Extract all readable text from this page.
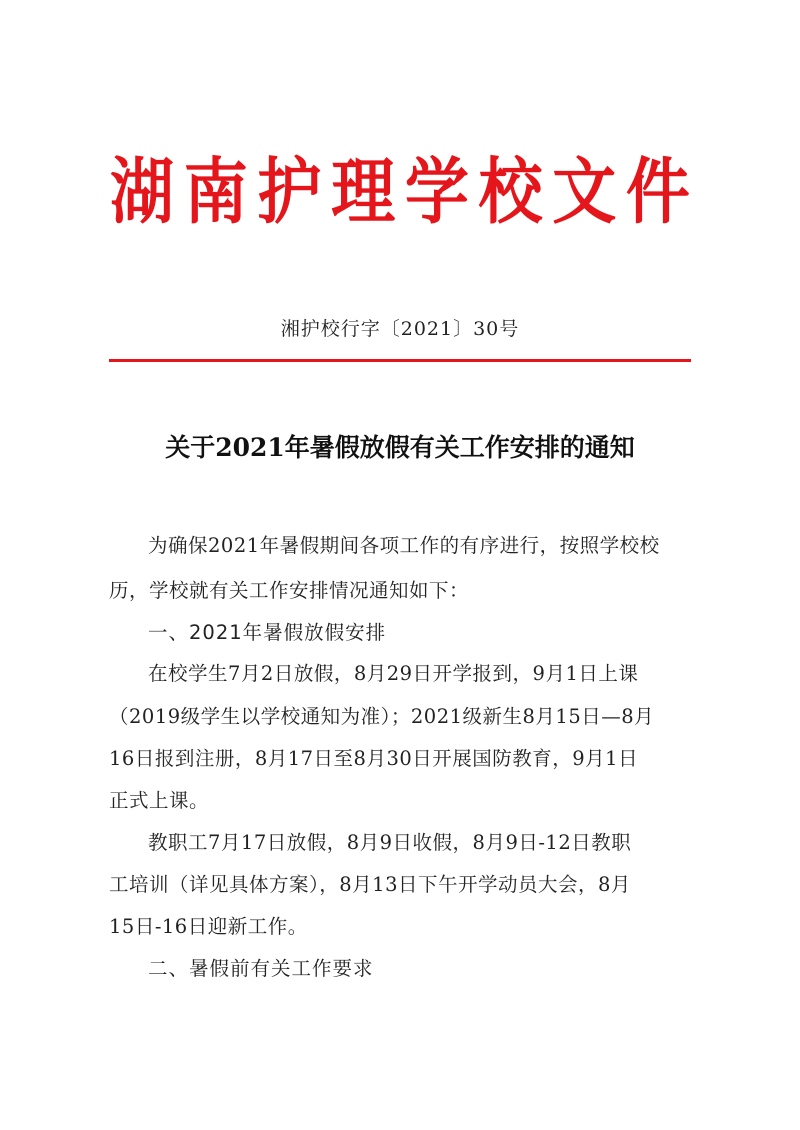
湖 南 护 理 学 校 文 件
湘护校行字〔2021〕30号
关于2021年暑假放假有关工作安排的通知
为确保2021年暑假期间各项工作的有序进行，按照学校校
历，学校就有关工作安排情况通知如下：
一、2021年暑假放假安排
在校学生7月2日放假，8月29日开学报到，9月1日上课
（2019级学生以学校通知为准）；2021级新生8月15日—8月
16日报到注册，8月17日至8月30日开展国防教育，9月1日
正式上课。
教职工7月17日放假，8月9日收假，8月9日-12日教职
工培训（详见具体方案），8月13日下午开学动员大会，8月
15日-16日迎新工作。
二、暑假前有关工作要求
